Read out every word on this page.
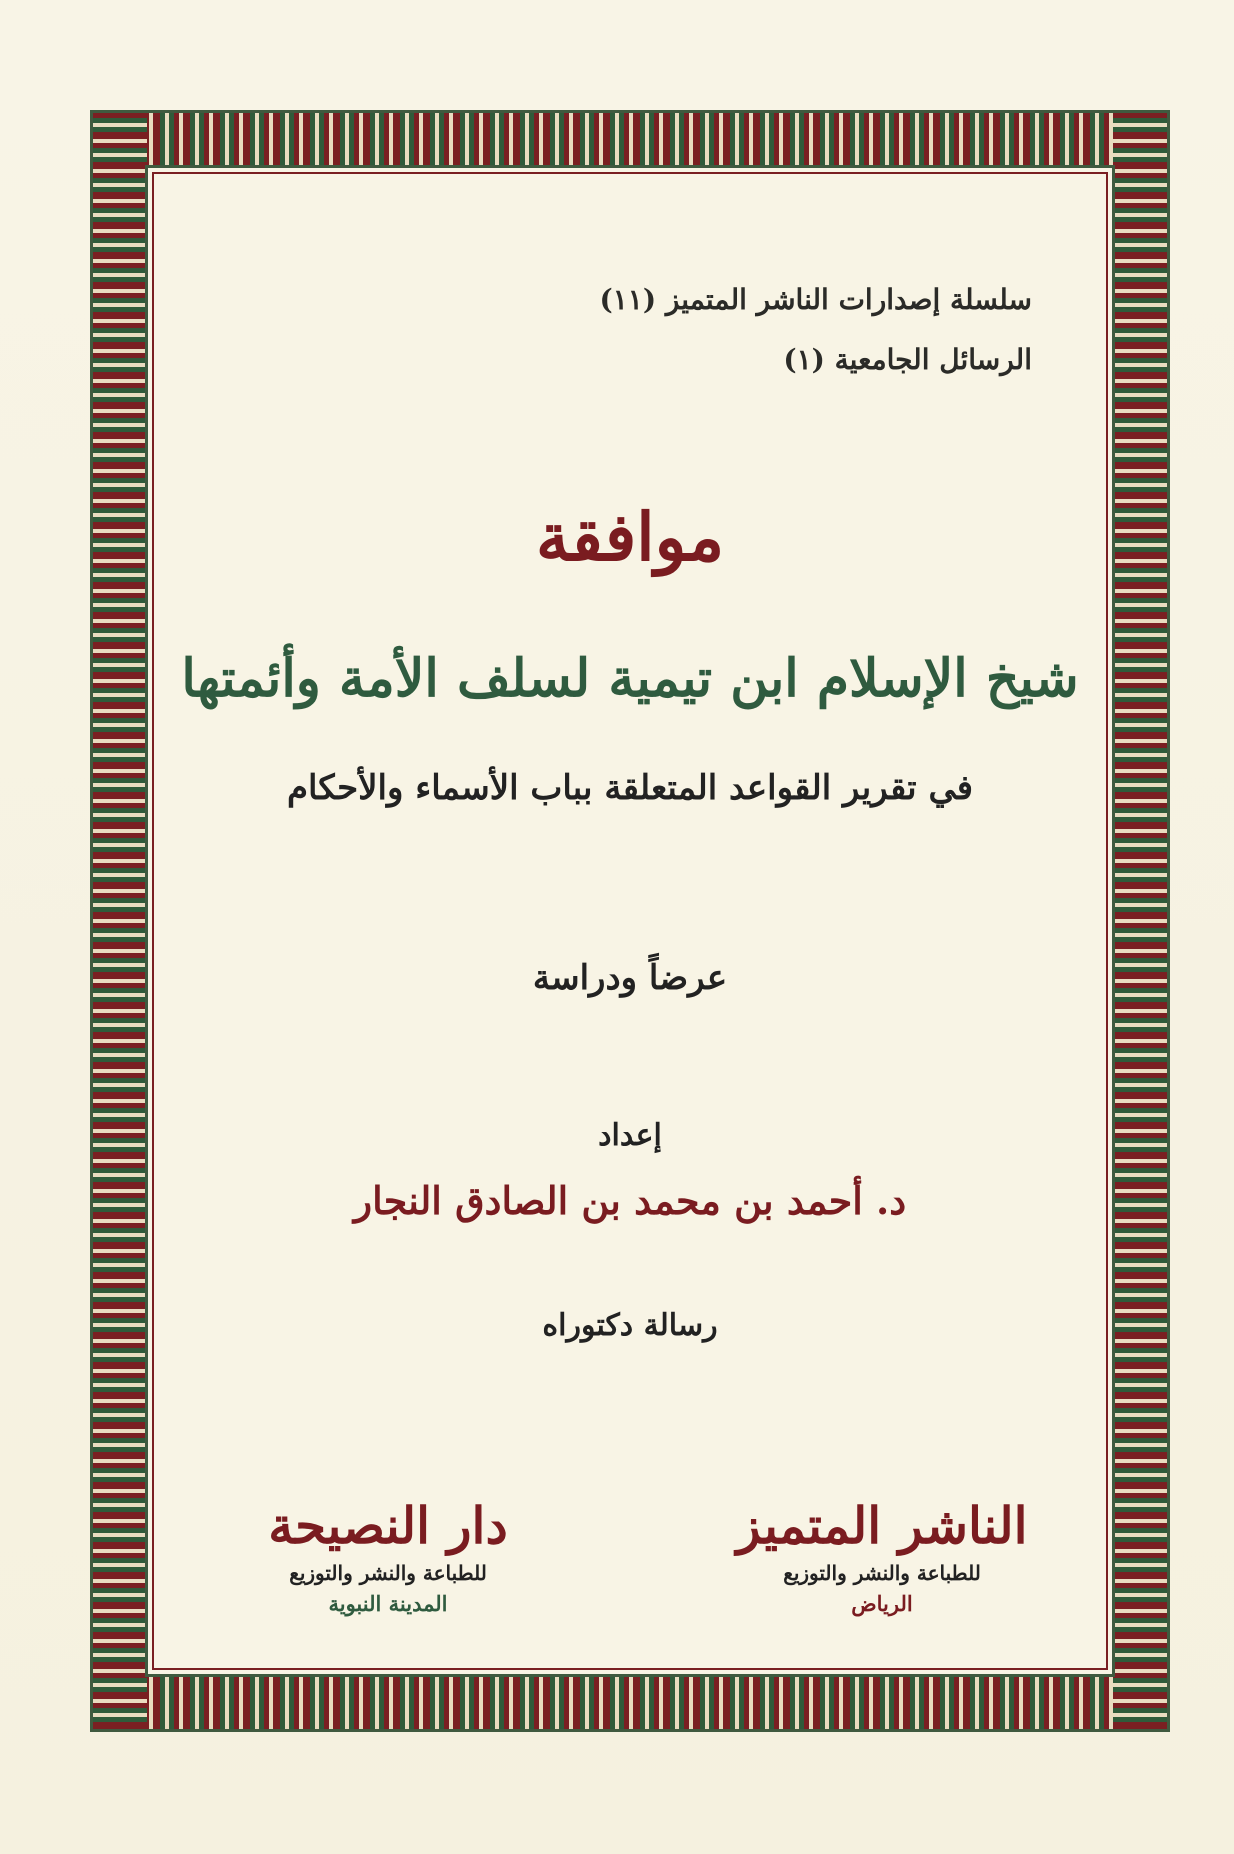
سلسلة إصدارات الناشر المتميز (١١)
الرسائل الجامعية (١)
موافقة
شيخ الإسلام ابن تيمية لسلف الأمة وأئمتها
في تقرير القواعد المتعلقة بباب الأسماء والأحكام
عرضاً ودراسة
إعداد
د. أحمد بن محمد بن الصادق النجار
رسالة دكتوراه
الناشر المتميز
للطباعة والنشر والتوزيع
الرياض
دار النصيحة
للطباعة والنشر والتوزيع
المدينة النبوية
